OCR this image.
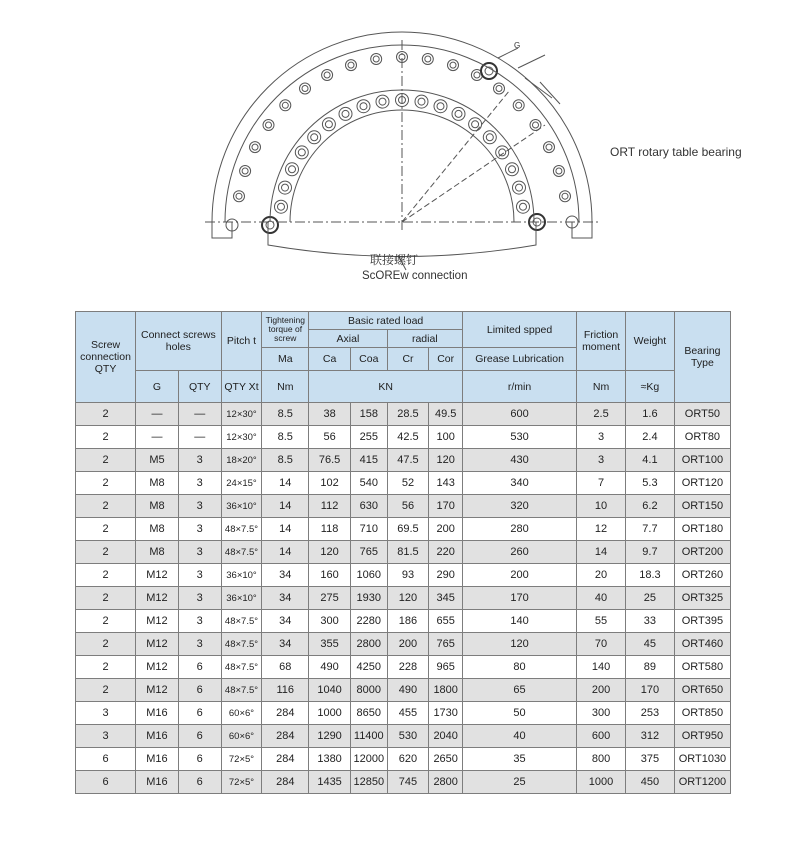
G
ORT rotary table bearing
联接螺钉
ScOREw connection
Screw connection QTY	Connect screws holes		Pitch t	Tightening torque of screw	Basic rated load				Limited spped	Friction moment	Weight	Bearing Type
					Axial		radial					
				Ma	Ca	Coa	Cr	Cor	Grease Lubrication			
	G	QTY	QTY Xt	Nm	KN				r/min	Nm	≈Kg	
2	—	—	12×30°	8.5	38	158	28.5	49.5	600	2.5	1.6	ORT50
2	—	—	12×30°	8.5	56	255	42.5	100	530	3	2.4	ORT80
2	M5	3	18×20°	8.5	76.5	415	47.5	120	430	3	4.1	ORT100
2	M8	3	24×15°	14	102	540	52	143	340	7	5.3	ORT120
2	M8	3	36×10°	14	112	630	56	170	320	10	6.2	ORT150
2	M8	3	48×7.5°	14	118	710	69.5	200	280	12	7.7	ORT180
2	M8	3	48×7.5°	14	120	765	81.5	220	260	14	9.7	ORT200
2	M12	3	36×10°	34	160	1060	93	290	200	20	18.3	ORT260
2	M12	3	36×10°	34	275	1930	120	345	170	40	25	ORT325
2	M12	3	48×7.5°	34	300	2280	186	655	140	55	33	ORT395
2	M12	3	48×7.5°	34	355	2800	200	765	120	70	45	ORT460
2	M12	6	48×7.5°	68	490	4250	228	965	80	140	89	ORT580
2	M12	6	48×7.5°	116	1040	8000	490	1800	65	200	170	ORT650
3	M16	6	60×6°	284	1000	8650	455	1730	50	300	253	ORT850
3	M16	6	60×6°	284	1290	11400	530	2040	40	600	312	ORT950
6	M16	6	72×5°	284	1380	12000	620	2650	35	800	375	ORT1030
6	M16	6	72×5°	284	1435	12850	745	2800	25	1000	450	ORT1200
